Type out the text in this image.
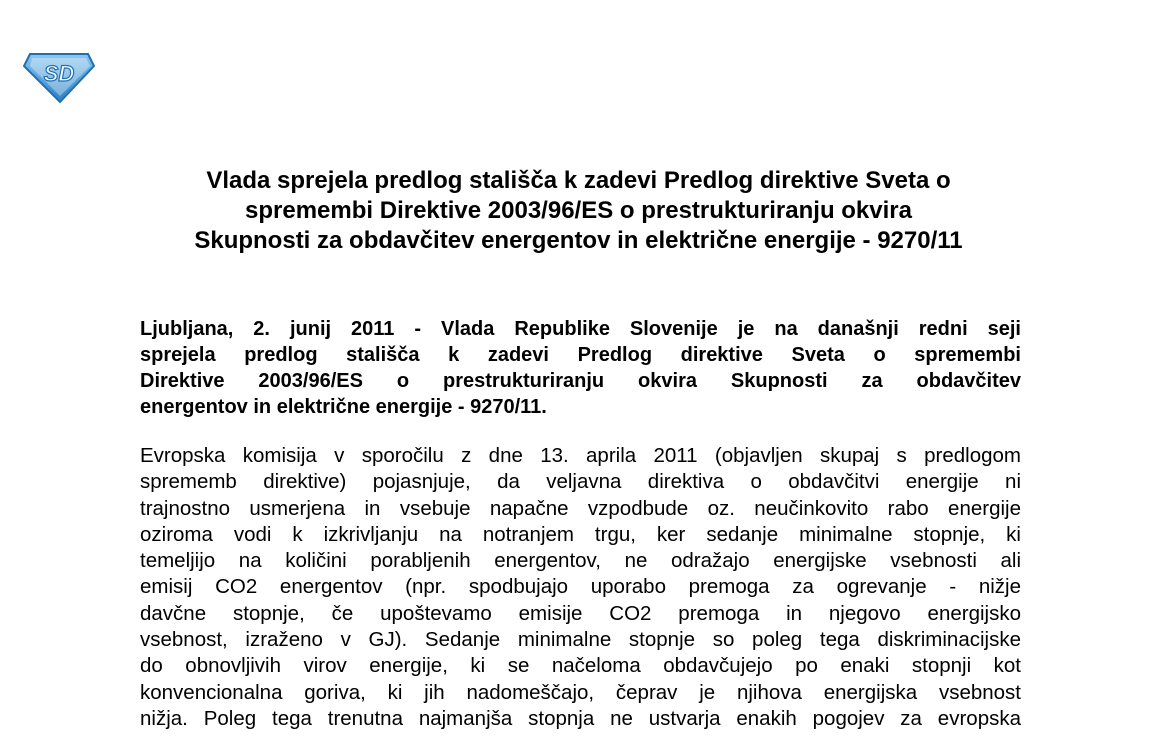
SD
Vlada sprejela predlog stališča k zadevi Predlog direktive Sveta o
spremembi Direktive 2003/96/ES o prestrukturiranju okvira
Skupnosti za obdavčitev energentov in električne energije - 9270/11
Ljubljana, 2. junij 2011 - Vlada Republike Slovenije je na današnji redni seji
sprejela predlog stališča k zadevi Predlog direktive Sveta o spremembi
Direktive 2003/96/ES o prestrukturiranju okvira Skupnosti za obdavčitev
energentov in električne energije - 9270/11.
Evropska komisija v sporočilu z dne 13. aprila 2011 (objavljen skupaj s predlogom
sprememb direktive) pojasnjuje, da veljavna direktiva o obdavčitvi energije ni
trajnostno usmerjena in vsebuje napačne vzpodbude oz. neučinkovito rabo energije
oziroma vodi k izkrivljanju na notranjem trgu, ker sedanje minimalne stopnje, ki
temeljijo na količini porabljenih energentov, ne odražajo energijske vsebnosti ali
emisij CO2 energentov (npr. spodbujajo uporabo premoga za ogrevanje - nižje
davčne stopnje, če upoštevamo emisije CO2 premoga in njegovo energijsko
vsebnost, izraženo v GJ). Sedanje minimalne stopnje so poleg tega diskriminacijske
do obnovljivih virov energije, ki se načeloma obdavčujejo po enaki stopnji kot
konvencionalna goriva, ki jih nadomeščajo, čeprav je njihova energijska vsebnost
nižja. Poleg tega trenutna najmanjša stopnja ne ustvarja enakih pogojev za evropska
